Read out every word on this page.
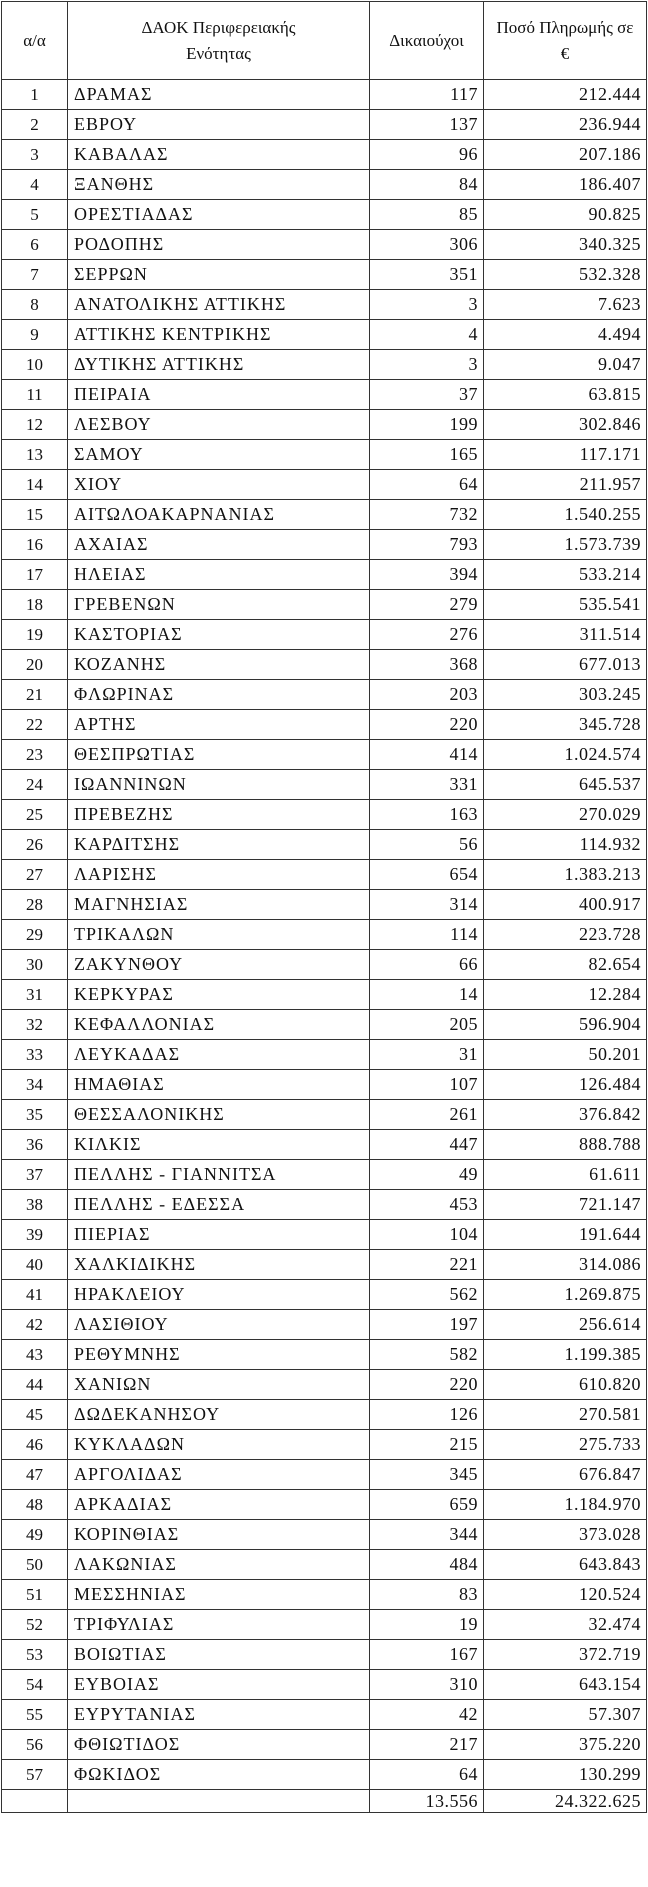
α/α	ΔΑΟΚ Περιφερειακής Ενότητας	Δικαιούχοι	Ποσό Πληρωμής σε €
1	ΔΡΑΜΑΣ	117	212.444
2	ΕΒΡΟΥ	137	236.944
3	ΚΑΒΑΛΑΣ	96	207.186
4	ΞΑΝΘΗΣ	84	186.407
5	ΟΡΕΣΤΙΑΔΑΣ	85	90.825
6	ΡΟΔΟΠΗΣ	306	340.325
7	ΣΕΡΡΩΝ	351	532.328
8	ΑΝΑΤΟΛΙΚΗΣ ΑΤΤΙΚΗΣ	3	7.623
9	ΑΤΤΙΚΗΣ ΚΕΝΤΡΙΚΗΣ	4	4.494
10	ΔΥΤΙΚΗΣ ΑΤΤΙΚΗΣ	3	9.047
11	ΠΕΙΡΑΙΑ	37	63.815
12	ΛΕΣΒΟΥ	199	302.846
13	ΣΑΜΟΥ	165	117.171
14	ΧΙΟΥ	64	211.957
15	ΑΙΤΩΛΟΑΚΑΡΝΑΝΙΑΣ	732	1.540.255
16	ΑΧΑΙΑΣ	793	1.573.739
17	ΗΛΕΙΑΣ	394	533.214
18	ΓΡΕΒΕΝΩΝ	279	535.541
19	ΚΑΣΤΟΡΙΑΣ	276	311.514
20	ΚΟΖΑΝΗΣ	368	677.013
21	ΦΛΩΡΙΝΑΣ	203	303.245
22	ΑΡΤΗΣ	220	345.728
23	ΘΕΣΠΡΩΤΙΑΣ	414	1.024.574
24	ΙΩΑΝΝΙΝΩΝ	331	645.537
25	ΠΡΕΒΕΖΗΣ	163	270.029
26	ΚΑΡΔΙΤΣΗΣ	56	114.932
27	ΛΑΡΙΣΗΣ	654	1.383.213
28	ΜΑΓΝΗΣΙΑΣ	314	400.917
29	ΤΡΙΚΑΛΩΝ	114	223.728
30	ΖΑΚΥΝΘΟΥ	66	82.654
31	ΚΕΡΚΥΡΑΣ	14	12.284
32	ΚΕΦΑΛΛΟΝΙΑΣ	205	596.904
33	ΛΕΥΚΑΔΑΣ	31	50.201
34	ΗΜΑΘΙΑΣ	107	126.484
35	ΘΕΣΣΑΛΟΝΙΚΗΣ	261	376.842
36	ΚΙΛΚΙΣ	447	888.788
37	ΠΕΛΛΗΣ - ΓΙΑΝΝΙΤΣΑ	49	61.611
38	ΠΕΛΛΗΣ - ΕΔΕΣΣΑ	453	721.147
39	ΠΙΕΡΙΑΣ	104	191.644
40	ΧΑΛΚΙΔΙΚΗΣ	221	314.086
41	ΗΡΑΚΛΕΙΟΥ	562	1.269.875
42	ΛΑΣΙΘΙΟΥ	197	256.614
43	ΡΕΘΥΜΝΗΣ	582	1.199.385
44	ΧΑΝΙΩΝ	220	610.820
45	ΔΩΔΕΚΑΝΗΣΟΥ	126	270.581
46	ΚΥΚΛΑΔΩΝ	215	275.733
47	ΑΡΓΟΛΙΔΑΣ	345	676.847
48	ΑΡΚΑΔΙΑΣ	659	1.184.970
49	ΚΟΡΙΝΘΙΑΣ	344	373.028
50	ΛΑΚΩΝΙΑΣ	484	643.843
51	ΜΕΣΣΗΝΙΑΣ	83	120.524
52	ΤΡΙΦΥΛΙΑΣ	19	32.474
53	ΒΟΙΩΤΙΑΣ	167	372.719
54	ΕΥΒΟΙΑΣ	310	643.154
55	ΕΥΡΥΤΑΝΙΑΣ	42	57.307
56	ΦΘΙΩΤΙΔΟΣ	217	375.220
57	ΦΩΚΙΔΟΣ	64	130.299
		13.556	24.322.625
